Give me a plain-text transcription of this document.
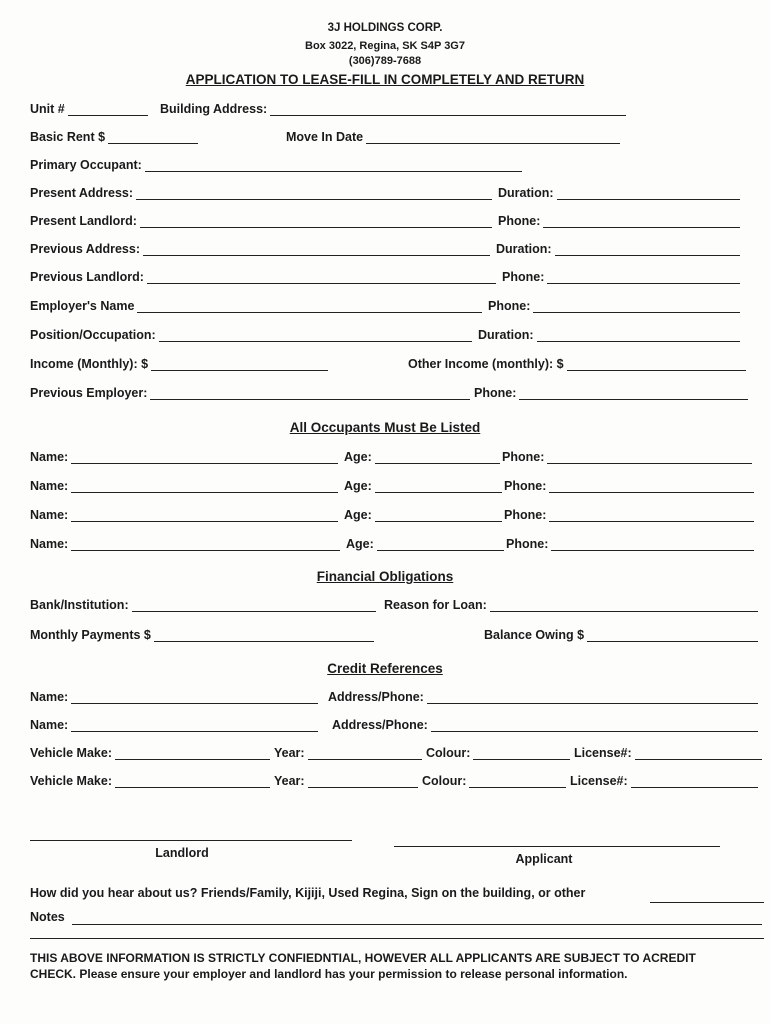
3J HOLDINGS CORP.
Box 3022, Regina, SK S4P 3G7
(306)789-7688
APPLICATION TO LEASE-FILL IN COMPLETELY AND RETURN
Unit #	Building Address:
Basic Rent $	Move In Date
Primary Occupant:
Present Address:	Duration:
Present Landlord:	Phone:
Previous Address:	Duration:
Previous Landlord:	Phone:
Employer's Name	Phone:
Position/Occupation:	Duration:
Income (Monthly): $	Other Income (monthly): $
Previous Employer:	Phone:
All Occupants Must Be Listed
Name:	Age:	Phone:
Name:	Age:	Phone:
Name:	Age:	Phone:
Name:	Age:	Phone:
Financial Obligations
Bank/Institution:	Reason for Loan:
Monthly Payments $	Balance Owing $
Credit References
Name:	Address/Phone:
Name:	Address/Phone:
Vehicle Make:	Year:	Colour:	License#:
Vehicle Make:	Year:	Colour:	License#:
Landlord	Applicant
How did you hear about us? Friends/Family, Kijiji, Used Regina, Sign on the building, or other
Notes
THIS ABOVE INFORMATION IS STRICTLY CONFIEDNTIAL, HOWEVER ALL APPLICANTS ARE SUBJECT TO ACREDIT CHECK. Please ensure your employer and landlord has your permission to release personal information.
